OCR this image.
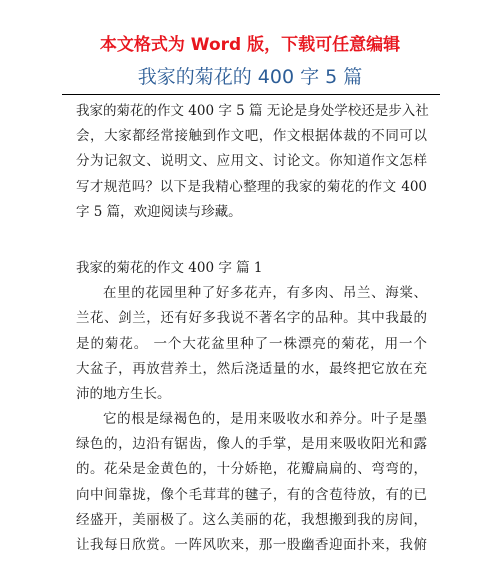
本文格式为 Word 版，下载可任意编辑
我家的菊花的 400 字 5 篇
我家的菊花的作文 400 字 5 篇 无论是身处学校还是步入社
会，大家都经常接触到作文吧，作文根据体裁的不同可以
分为记叙文、说明文、应用文、讨论文。你知道作文怎样
写才规范吗？以下是我精心整理的我家的菊花的作文 400
字 5 篇，欢迎阅读与珍藏。
我家的菊花的作文 400 字 篇 1
在里的花园里种了好多花卉，有多肉、吊兰、海棠、
兰花、剑兰，还有好多我说不著名字的品种。其中我最的
是的菊花。 一个大花盆里种了一株漂亮的菊花，用一个
大盆子，再放营养土，然后浇适量的水，最终把它放在充
沛的地方生长。
它的根是绿褐色的，是用来吸收水和养分。叶子是墨
绿色的，边沿有锯齿，像人的手掌，是用来吸收阳光和露
的。花朵是金黄色的，十分娇艳，花瓣扁扁的、弯弯的，
向中间靠拢，像个毛茸茸的毽子，有的含苞待放，有的已
经盛开，美丽极了。这么美丽的花，我想搬到我的房间，
让我每日欣赏。一阵风吹来，那一股幽香迎面扑来，我俯
